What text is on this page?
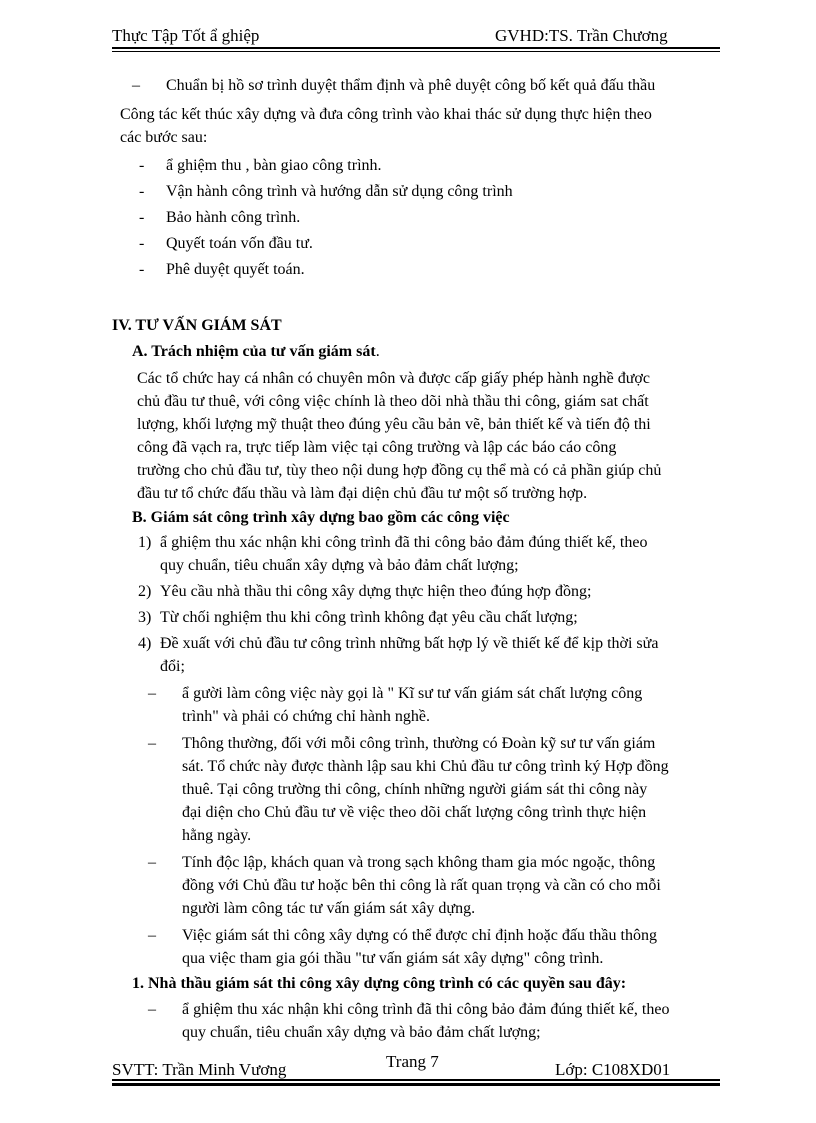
Thực Tập Tốt ẩ ghiệp	GVHD:TS. Trần Chương
– Chuẩn bị hồ sơ trình duyệt thẩm định và phê duyệt công bố kết quả đấu thầu
Công tác kết thúc xây dựng và đưa công trình vào khai thác sử dụng thực hiện theo
các bước sau:
- ẩ ghiệm thu , bàn giao công trình.
- Vận hành công trình và hướng dẫn sử dụng công trình
- Bảo hành công trình.
- Quyết toán vốn đầu tư.
- Phê duyệt quyết toán.
IV. TƯ VẤN GIÁM SÁT
A. Trách nhiệm của tư vấn giám sát.
Các tổ chức hay cá nhân có chuyên môn và được cấp giấy phép hành nghề được
chủ đầu tư thuê, với công việc chính là theo dõi nhà thầu thi công, giám sat chất
lượng, khối lượng mỹ thuật theo đúng yêu cầu bản vẽ, bản thiết kế và tiến độ thi
công đã vạch ra, trực tiếp làm việc tại công trường và lập các báo cáo công
trường cho chủ đầu tư, tùy theo nội dung hợp đồng cụ thể mà có cả phần giúp chủ
đầu tư tổ chức đấu thầu và làm đại diện chủ đầu tư một số trường hợp.
B. Giám sát công trình xây dựng bao gồm các công việc
1) ẩ ghiệm thu xác nhận khi công trình đã thi công bảo đảm đúng thiết kế, theo
quy chuẩn, tiêu chuẩn xây dựng và bảo đảm chất lượng;
2) Yêu cầu nhà thầu thi công xây dựng thực hiện theo đúng hợp đồng;
3) Từ chối nghiệm thu khi công trình không đạt yêu cầu chất lượng;
4) Đề xuất với chủ đầu tư công trình những bất hợp lý về thiết kế để kịp thời sửa
đổi;
– ẩ gười làm công việc này gọi là " Kĩ sư tư vấn giám sát chất lượng công
trình" và phải có chứng chỉ hành nghề.
– Thông thường, đối với mỗi công trình, thường có Đoàn kỹ sư tư vấn giám
sát. Tổ chức này được thành lập sau khi Chủ đầu tư công trình ký Hợp đồng
thuê. Tại công trường thi công, chính những người giám sát thi công này
đại diện cho Chủ đầu tư về việc theo dõi chất lượng công trình thực hiện
hằng ngày.
– Tính độc lập, khách quan và trong sạch không tham gia móc ngoặc, thông
đồng với Chủ đầu tư hoặc bên thi công là rất quan trọng và cần có cho mỗi
người làm công tác tư vấn giám sát xây dựng.
– Việc giám sát thi công xây dựng có thể được chỉ định hoặc đấu thầu thông
qua việc tham gia gói thầu "tư vấn giám sát xây dựng" công trình.
1. Nhà thầu giám sát thi công xây dựng công trình có các quyền sau đây:
– ẩ ghiệm thu xác nhận khi công trình đã thi công bảo đảm đúng thiết kế, theo
quy chuẩn, tiêu chuẩn xây dựng và bảo đảm chất lượng;
SVTT: Trần Minh Vương	Trang 7	Lớp: C108XD01
